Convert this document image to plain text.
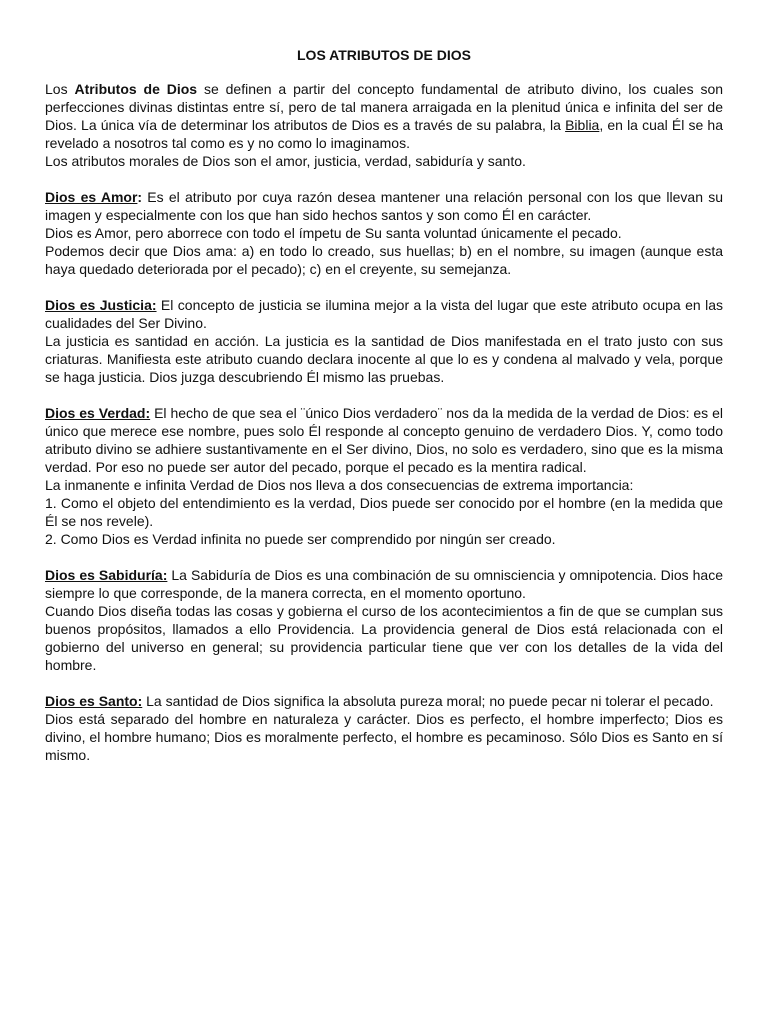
LOS ATRIBUTOS DE DIOS

Los Atributos de Dios se definen a partir del concepto fundamental de atributo divino, los cuales son perfecciones divinas distintas entre sí, pero de tal manera arraigada en la plenitud única e infinita del ser de Dios. La única vía de determinar los atributos de Dios es a través de su palabra, la Biblia, en la cual Él se ha revelado a nosotros tal como es y no como lo imaginamos.

Los atributos morales de Dios son el amor, justicia, verdad, sabiduría y santo.

Dios es Amor: Es el atributo por cuya razón desea mantener una relación personal con los que llevan su imagen y especialmente con los que han sido hechos santos y son como Él en carácter.

Dios es Amor, pero aborrece con todo el ímpetu de Su santa voluntad únicamente el pecado.

Podemos decir que Dios ama: a) en todo lo creado, sus huellas; b) en el nombre, su imagen (aunque esta haya quedado deteriorada por el pecado); c) en el creyente, su semejanza.

Dios es Justicia: El concepto de justicia se ilumina mejor a la vista del lugar que este atributo ocupa en las cualidades del Ser Divino.

La justicia es santidad en acción. La justicia es la santidad de Dios manifestada en el trato justo con sus criaturas. Manifiesta este atributo cuando declara inocente al que lo es y condena al malvado y vela, porque se haga justicia. Dios juzga descubriendo Él mismo las pruebas.

Dios es Verdad: El hecho de que sea el ¨único Dios verdadero¨ nos da la medida de la verdad de Dios: es el único que merece ese nombre, pues solo Él responde al concepto genuino de verdadero Dios. Y, como todo atributo divino se adhiere sustantivamente en el Ser divino, Dios, no solo es verdadero, sino que es la misma verdad. Por eso no puede ser autor del pecado, porque el pecado es la mentira radical.

La inmanente e infinita Verdad de Dios nos lleva a dos consecuencias de extrema importancia:

1. Como el objeto del entendimiento es la verdad, Dios puede ser conocido por el hombre (en la medida que Él se nos revele).

2. Como Dios es Verdad infinita no puede ser comprendido por ningún ser creado.

Dios es Sabiduría: La Sabiduría de Dios es una combinación de su omnisciencia y omnipotencia. Dios hace siempre lo que corresponde, de la manera correcta, en el momento oportuno.

Cuando Dios diseña todas las cosas y gobierna el curso de los acontecimientos a fin de que se cumplan sus buenos propósitos, llamados a ello Providencia. La providencia general de Dios está relacionada con el gobierno del universo en general; su providencia particular tiene que ver con los detalles de la vida del hombre.

Dios es Santo: La santidad de Dios significa la absoluta pureza moral; no puede pecar ni tolerar el pecado.

Dios está separado del hombre en naturaleza y carácter. Dios es perfecto, el hombre imperfecto; Dios es divino, el hombre humano; Dios es moralmente perfecto, el hombre es pecaminoso. Sólo Dios es Santo en sí mismo.
